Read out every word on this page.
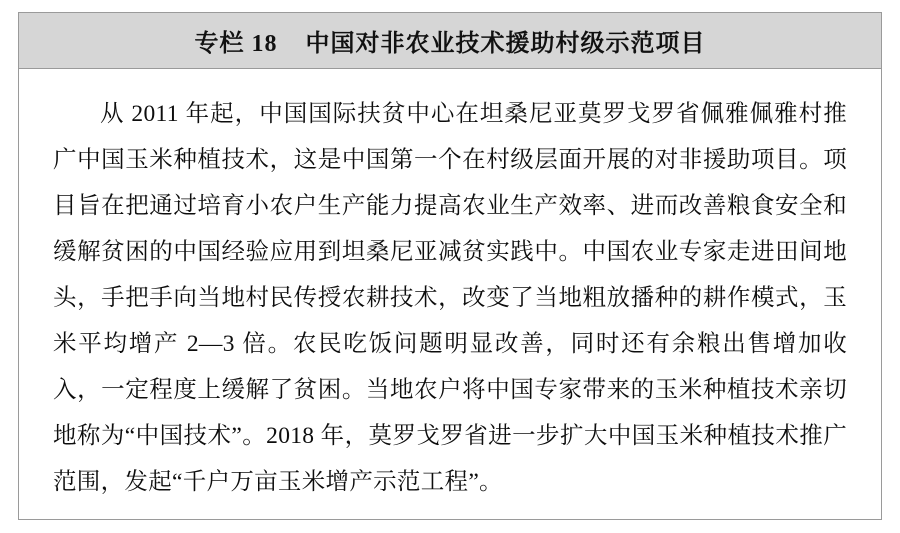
专栏 18    中国对非农业技术援助村级示范项目

从 2011 年起，中国国际扶贫中心在坦桑尼亚莫罗戈罗省佩雅佩雅村推广中国玉米种植技术，这是中国第一个在村级层面开展的对非援助项目。项目旨在把通过培育小农户生产能力提高农业生产效率、进而改善粮食安全和缓解贫困的中国经验应用到坦桑尼亚减贫实践中。中国农业专家走进田间地头，手把手向当地村民传授农耕技术，改变了当地粗放播种的耕作模式，玉米平均增产 2—3 倍。农民吃饭问题明显改善，同时还有余粮出售增加收入，一定程度上缓解了贫困。当地农户将中国专家带来的玉米种植技术亲切地称为“中国技术”。2018 年，莫罗戈罗省进一步扩大中国玉米种植技术推广范围，发起“千户万亩玉米增产示范工程”。
